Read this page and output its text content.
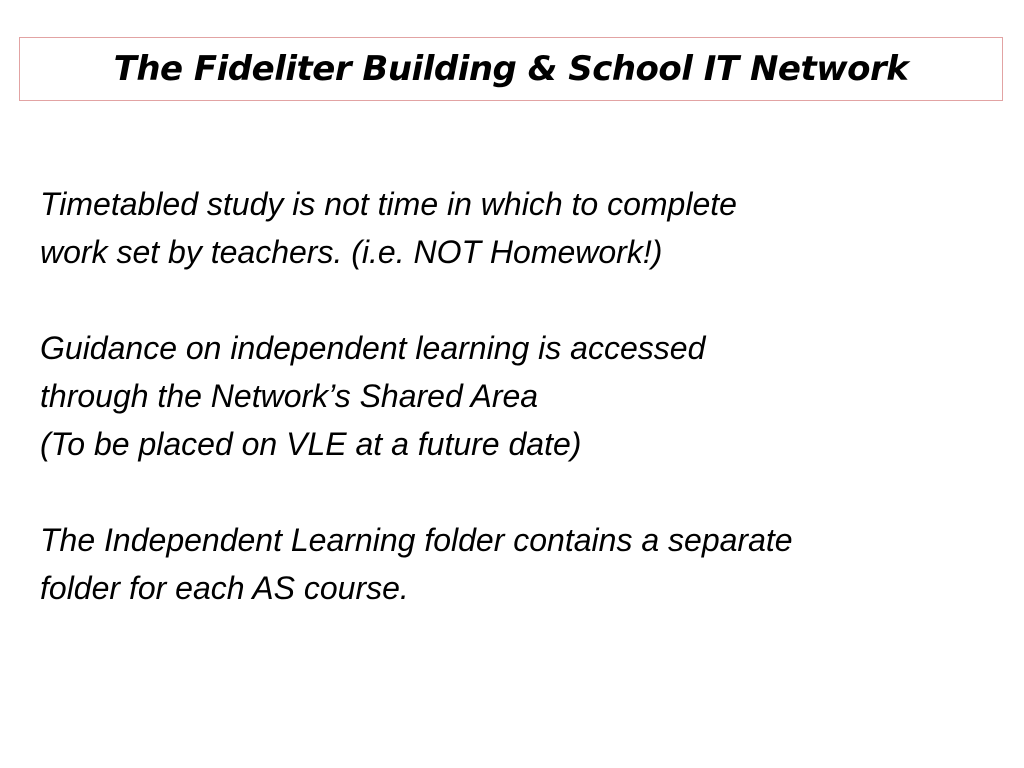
The Fideliter Building & School IT Network

Timetabled study is not time in which to complete
work set by teachers. (i.e. NOT Homework!)

Guidance on independent learning is accessed
through the Network’s Shared Area
(To be placed on VLE at a future date)

The Independent Learning folder contains a separate
folder for each AS course.
